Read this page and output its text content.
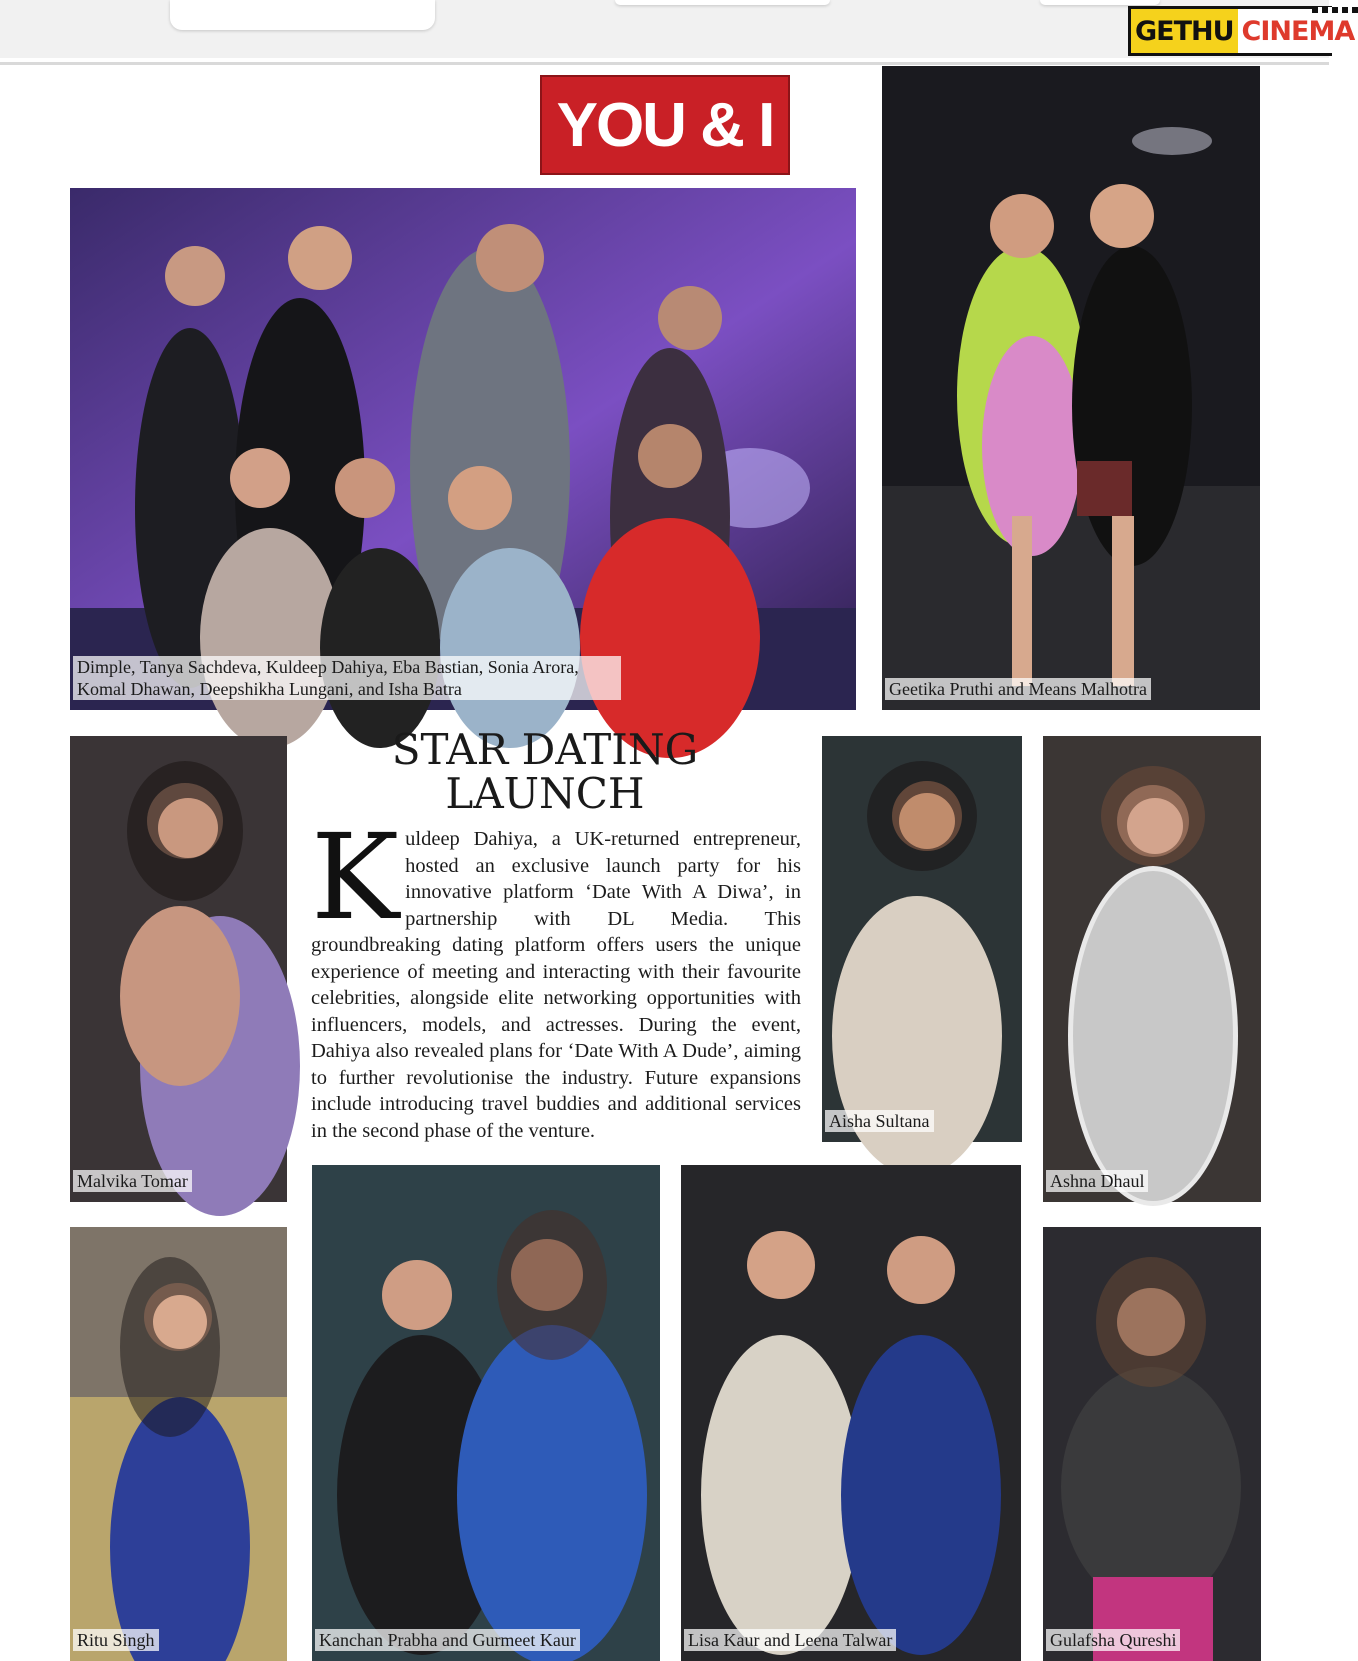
GETHU CINEMA
YOU & I
Dimple, Tanya Sachdeva, Kuldeep Dahiya, Eba Bastian, Sonia Arora, Komal Dhawan, Deepshikha Lungani, and Isha Batra	Geetika Pruthi and Means Malhotra
STAR DATING
LAUNCH
Kuldeep Dahiya, a UK-returned entrepreneur, hosted an exclusive launch party for his innovative platform ‘Date With A Diwa’, in partnership with DL Media. This groundbreaking dating platform offers users the unique experience of meeting and interacting with their favourite celebrities, alongside elite networking opportunities with influencers, models, and actresses. During the event, Dahiya also revealed plans for ‘Date With A Dude’, aiming to further revolutionise the industry. Future expansions include introducing travel buddies and additional services in the second phase of the venture.
Malvika Tomar
Aisha Sultana
Ashna Dhaul
Ritu Singh	Kanchan Prabha and Gurmeet Kaur	Lisa Kaur and Leena Talwar	Gulafsha Qureshi
